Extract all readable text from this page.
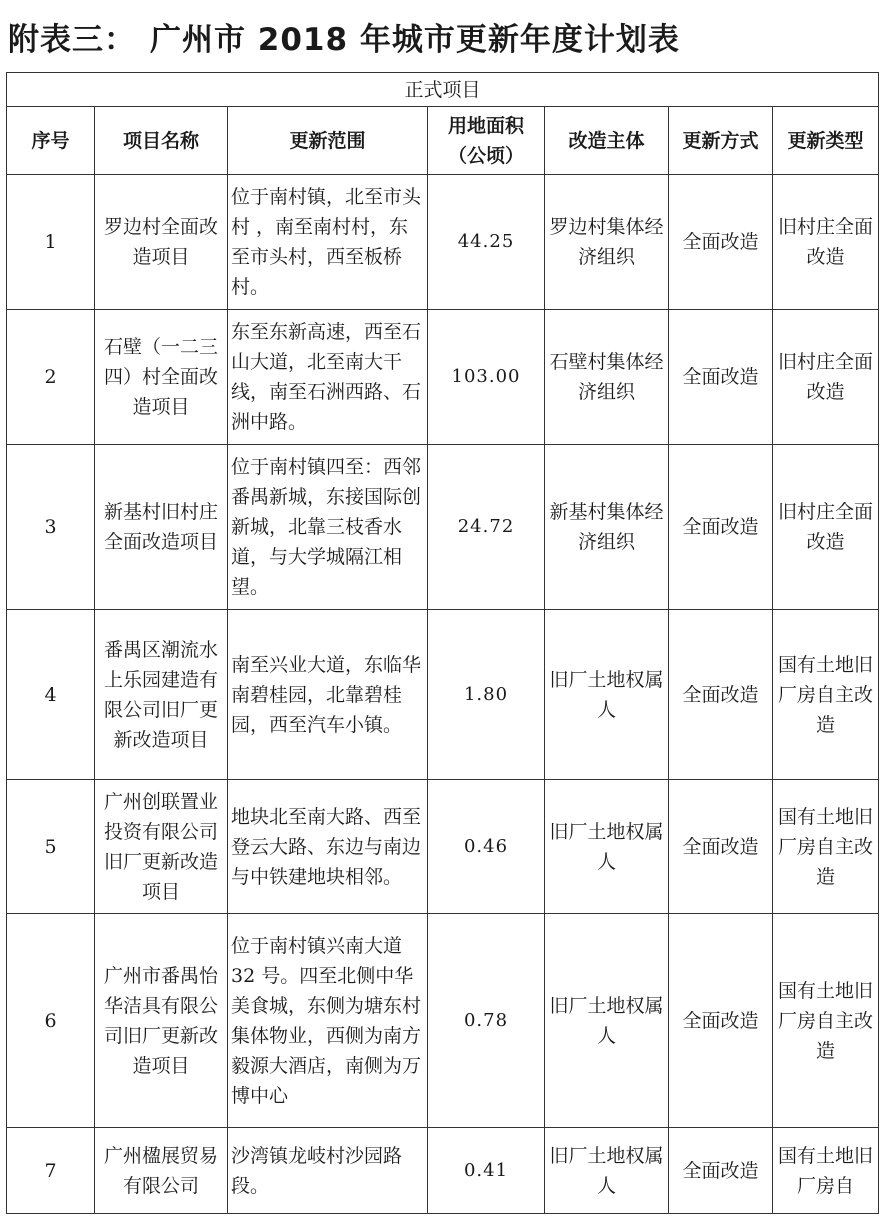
附表三： 广州市 2018 年城市更新年度计划表
正式项目						
序号	项目名称	更新范围	用地面积（公顷）	改造主体	更新方式	更新类型
1	罗边村全面改造项目	位于南村镇，北至市头村 ，南至南村村，东至市头村，西至板桥村。	44.25	罗边村集体经济组织	全面改造	旧村庄全面改造
2	石壁（一二三四）村全面改造项目	东至东新高速，西至石山大道，北至南大干线，南至石洲西路、石洲中路。	103.00	石壁村集体经济组织	全面改造	旧村庄全面改造
3	新基村旧村庄全面改造项目	位于南村镇四至：西邻番禺新城，东接国际创新城，北靠三枝香水道，与大学城隔江相望。	24.72	新基村集体经济组织	全面改造	旧村庄全面改造
4	番禺区潮流水上乐园建造有限公司旧厂更新改造项目	南至兴业大道，东临华南碧桂园，北靠碧桂园，西至汽车小镇。	1.80	旧厂土地权属人	全面改造	国有土地旧厂房自主改造
5	广州创联置业投资有限公司旧厂更新改造项目	地块北至南大路、西至登云大路、东边与南边与中铁建地块相邻。	0.46	旧厂土地权属人	全面改造	国有土地旧厂房自主改造
6	广州市番禺怡华洁具有限公司旧厂更新改造项目	位于南村镇兴南大道 32 号。四至北侧中华美食城，东侧为塘东村集体物业，西侧为南方毅源大酒店，南侧为万博中心	0.78	旧厂土地权属人	全面改造	国有土地旧厂房自主改造
7	广州楹展贸易有限公司	沙湾镇龙岐村沙园路段。	0.41	旧厂土地权属人	全面改造	国有土地旧厂房自
